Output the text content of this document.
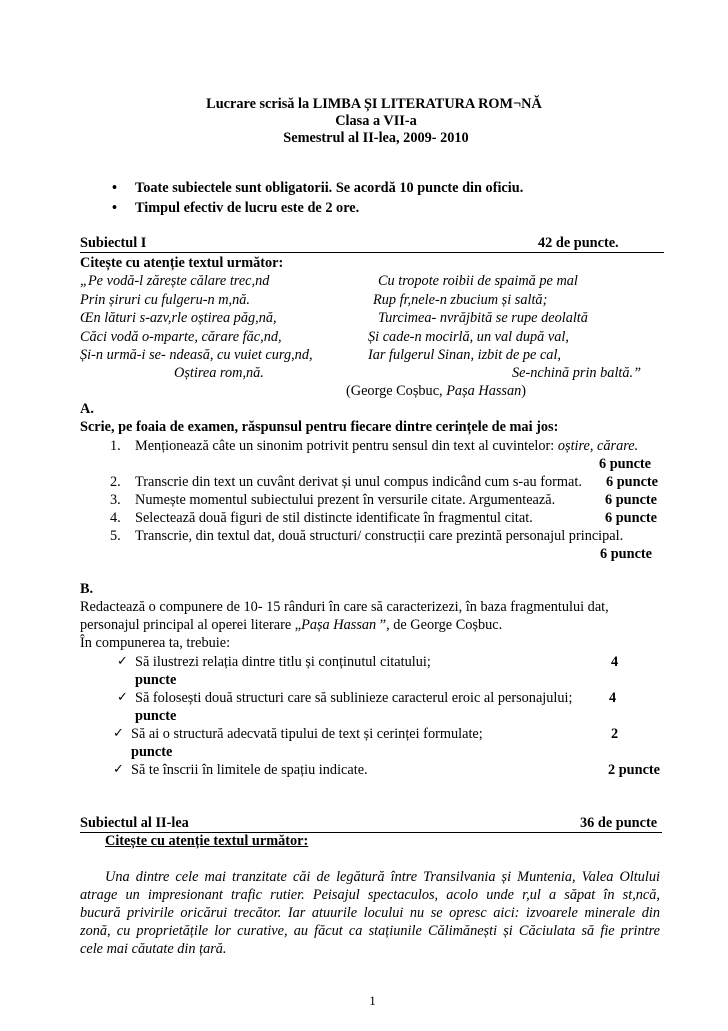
Lucrare scrisă la LIMBA ȘI LITERATURA ROM¬NĂ
Clasa a VII-a
Semestrul al II-lea, 2009- 2010
• Toate subiectele sunt obligatorii. Se acordă 10 puncte din oficiu.
• Timpul efectiv de lucru este de 2 ore.
Subiectul I	42 de puncte.
Citește cu atenție textul următor:
„Pe vodă-l zărește călare trec,nd
Prin șiruri cu fulgeru-n m,nă.
Œn lături s-azv,rle oștirea păg,nă,
Căci vodă o-mparte, cărare făc,nd,
Și-n urmă-i se- ndeasă, cu vuiet curg,nd,
Oștirea rom,nă.
Cu tropote roibii de spaimă pe mal
Rup fr,nele-n zbucium și saltă;
Turcimea- nvrăjbită se rupe deolaltă
Și cade-n mocirlă, un val după val,
Iar fulgerul Sinan, izbit de pe cal,
Se-nchină prin baltă.”
(George Coșbuc, Pașa Hassan)
A.
Scrie, pe foaia de examen, răspunsul pentru fiecare dintre cerințele de mai jos:
1. Menționează câte un sinonim potrivit pentru sensul din text al cuvintelor: oștire, cărare.
6 puncte
2. Transcrie din text un cuvânt derivat și unul compus indicând cum s-au format. 6 puncte
3. Numește momentul subiectului prezent în versurile citate. Argumentează.	6 puncte
4. Selectează două figuri de stil distincte identificate în fragmentul citat.	6 puncte
5. Transcrie, din textul dat, două structuri/ construcții care prezintă personajul principal.
6 puncte
B.
Redactează o compunere de 10- 15 rânduri în care să caracterizezi, în baza fragmentului dat,
personajul principal al operei literare „Pașa Hassan ”, de George Coșbuc.
În compunerea ta, trebuie:
✓ Să ilustrezi relația dintre titlu și conținutul citatului;	4
puncte
✓ Să folosești două structuri care să sublinieze caracterul eroic al personajului;	4
puncte
✓ Să ai o structură adecvată tipului de text și cerinței formulate;	2
puncte
✓ Să te înscrii în limitele de spațiu indicate.	2 puncte
Subiectul al II-lea	36 de puncte
Citește cu atenție textul următor:
Una dintre cele mai tranzitate căi de legătură între Transilvania și Muntenia, Valea Oltului
atrage un impresionant trafic rutier. Peisajul spectaculos, acolo unde r,ul a săpat în st,ncă,
bucură privirile oricărui trecător. Iar atuurile locului nu se opresc aici: izvoarele minerale din
zonă, cu proprietățile lor curative, au făcut ca stațiunile Călimănești și Căciulata să fie printre
cele mai căutate din țară.
1
